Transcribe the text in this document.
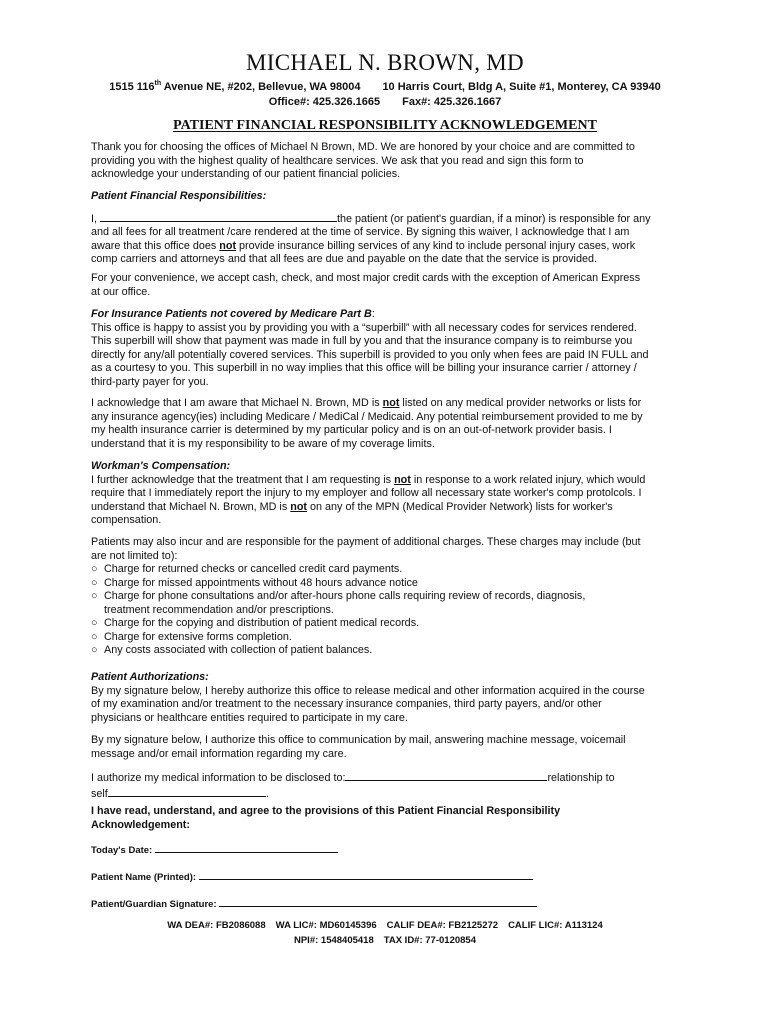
MICHAEL N. BROWN, MD
1515 116th Avenue NE, #202, Bellevue, WA 98004 10 Harris Court, Bldg A, Suite #1, Monterey, CA 93940
Office#: 425.326.1665 Fax#: 425.326.1667
PATIENT FINANCIAL RESPONSIBILITY ACKNOWLEDGEMENT
Thank you for choosing the offices of Michael N Brown, MD. We are honored by your choice and are committed to
providing you with the highest quality of healthcare services. We ask that you read and sign this form to
acknowledge your understanding of our patient financial policies.
Patient Financial Responsibilities:
I,	the patient (or patient's guardian, if a minor) is responsible for any
and all fees for all treatment /care rendered at the time of service. By signing this waiver, I acknowledge that I am
aware that this office does not provide insurance billing services of any kind to include personal injury cases, work
comp carriers and attorneys and that all fees are due and payable on the date that the service is provided.
For your convenience, we accept cash, check, and most major credit cards with the exception of American Express
at our office.
For Insurance Patients not covered by Medicare Part B:
This office is happy to assist you by providing you with a “superbill” with all necessary codes for services rendered.
This superbill will show that payment was made in full by you and that the insurance company is to reimburse you
directly for any/all potentially covered services. This superbill is provided to you only when fees are paid IN FULL and
as a courtesy to you. This superbill in no way implies that this office will be billing your insurance carrier / attorney /
third-party payer for you.
I acknowledge that I am aware that Michael N. Brown, MD is not listed on any medical provider networks or lists for
any insurance agency(ies) including Medicare / MediCal / Medicaid. Any potential reimbursement provided to me by
my health insurance carrier is determined by my particular policy and is on an out-of-network provider basis. I
understand that it is my responsibility to be aware of my coverage limits.
Workman's Compensation:
I further acknowledge that the treatment that I am requesting is not in response to a work related injury, which would
require that I immediately report the injury to my employer and follow all necessary state worker's comp protolcols. I
understand that Michael N. Brown, MD is not on any of the MPN (Medical Provider Network) lists for worker's
compensation.
Patients may also incur and are responsible for the payment of additional charges. These charges may include (but
are not limited to):
○ Charge for returned checks or cancelled credit card payments.
○ Charge for missed appointments without 48 hours advance notice
○ Charge for phone consultations and/or after-hours phone calls requiring review of records, diagnosis,
treatment recommendation and/or prescriptions.
○ Charge for the copying and distribution of patient medical records.
○ Charge for extensive forms completion.
○ Any costs associated with collection of patient balances.
Patient Authorizations:
By my signature below, I hereby authorize this office to release medical and other information acquired in the course
of my examination and/or treatment to the necessary insurance companies, third party payers, and/or other
physicians or healthcare entities required to participate in my care.
By my signature below, I authorize this office to communication by mail, answering machine message, voicemail
message and/or email information regarding my care.
I authorize my medical information to be disclosed to:	relationship to
self	.
I have read, understand, and agree to the provisions of this Patient Financial Responsibility
Acknowledgement:
Today's Date:
Patient Name (Printed):
Patient/Guardian Signature:
WA DEA#: FB2086088 WA LIC#: MD60145396 CALIF DEA#: FB2125272 CALIF LIC#: A113124
NPI#: 1548405418 TAX ID#: 77-0120854
